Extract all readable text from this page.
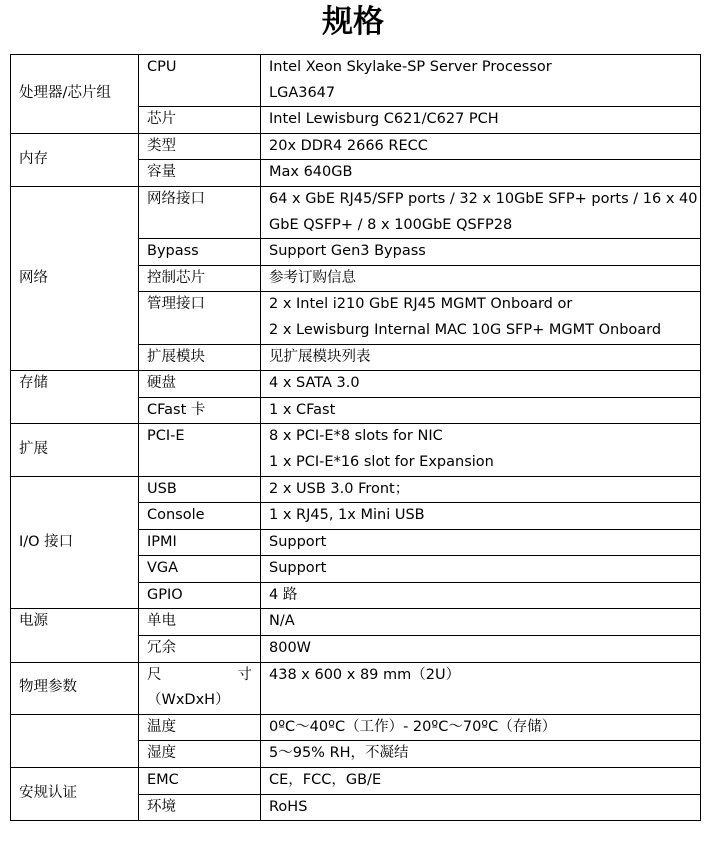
规格
处理器/芯片组	CPU	Intel Xeon Skylake-SP Server Processor
		LGA3647
	芯片	Intel Lewisburg C621/C627 PCH
内存	类型	20x DDR4 2666 RECC
	容量	Max 640GB
网络	网络接口	64 x GbE RJ45/SFP ports / 32 x 10GbE SFP+ ports / 16 x 40
		GbE QSFP+ / 8 x 100GbE QSFP28
	Bypass	Support Gen3 Bypass
	控制芯片	参考订购信息
	管理接口	2 x Intel i210 GbE RJ45 MGMT Onboard or
		2 x Lewisburg Internal MAC 10G SFP+ MGMT Onboard
	扩展模块	见扩展模块列表
存储	硬盘	4 x SATA 3.0
	CFast 卡	1 x CFast
扩展	PCI-E	8 x PCI-E*8 slots for NIC
		1 x PCI-E*16 slot for Expansion
I/O 接口	USB	2 x USB 3.0 Front；
	Console	1 x RJ45, 1x Mini USB
	IPMI	Support
	VGA	Support
	GPIO	4 路
电源	单电	N/A
	冗余	800W
物理参数	尺 寸	438 x 600 x 89 mm（2U）
	（WxDxH）	
	温度	0ºC～40ºC（工作）- 20ºC～70ºC（存储）
	湿度	5～95% RH，不凝结
安规认证	EMC	CE，FCC，GB/E
	环境	RoHS
